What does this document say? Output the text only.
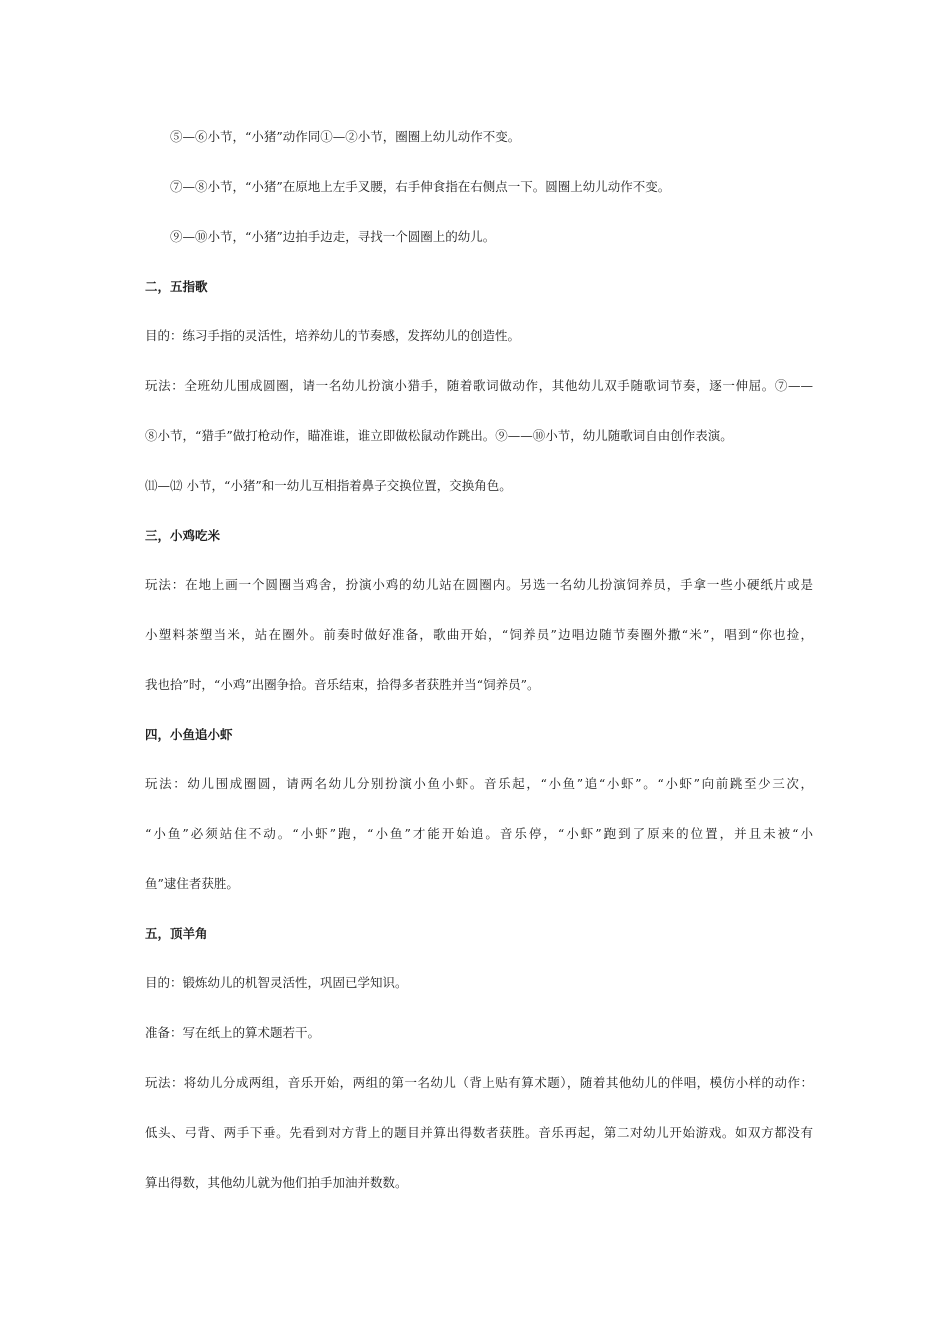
⑤—⑥小节，“小猪”动作同①—②小节，圈圈上幼儿动作不变。
⑦—⑧小节，“小猪”在原地上左手叉腰，右手伸食指在右侧点一下。圆圈上幼儿动作不变。
⑨—⑩小节，“小猪”边拍手边走，寻找一个圆圈上的幼儿。
二，五指歌
目的：练习手指的灵活性，培养幼儿的节奏感，发挥幼儿的创造性。
玩法：全班幼儿围成圆圈，请一名幼儿扮演小猎手，随着歌词做动作，其他幼儿双手随歌词节奏，逐一伸屈。⑦——
⑧小节，“猎手”做打枪动作，瞄准谁，谁立即做松鼠动作跳出。⑨——⑩小节，幼儿随歌词自由创作表演。
⑾—⑿ 小节，“小猪”和一幼儿互相指着鼻子交换位置，交换角色。
三，小鸡吃米
玩法：在地上画一个圆圈当鸡舍，扮演小鸡的幼儿站在圆圈内。另选一名幼儿扮演饲养员，手拿一些小硬纸片或是
小塑料茶塑当米，站在圈外。前奏时做好准备，歌曲开始，“饲养员”边唱边随节奏圈外撒“米”，唱到“你也捡，
我也拾”时，“小鸡”出圈争拾。音乐结束，拾得多者获胜并当“饲养员”。
四，小鱼追小虾
玩法：幼儿围成圈圆，请两名幼儿分别扮演小鱼小虾。音乐起，“小鱼”追“小虾”。“小虾”向前跳至少三次，
“小鱼”必须站住不动。“小虾”跑，“小鱼”才能开始追。音乐停，“小虾”跑到了原来的位置，并且未被“小
鱼”逮住者获胜。
五，顶羊角
目的：锻炼幼儿的机智灵活性，巩固已学知识。
准备：写在纸上的算术题若干。
玩法：将幼儿分成两组，音乐开始，两组的第一名幼儿（背上贴有算术题），随着其他幼儿的伴唱，模仿小样的动作：
低头、弓背、两手下垂。先看到对方背上的题目并算出得数者获胜。音乐再起，第二对幼儿开始游戏。如双方都没有
算出得数，其他幼儿就为他们拍手加油并数数。
